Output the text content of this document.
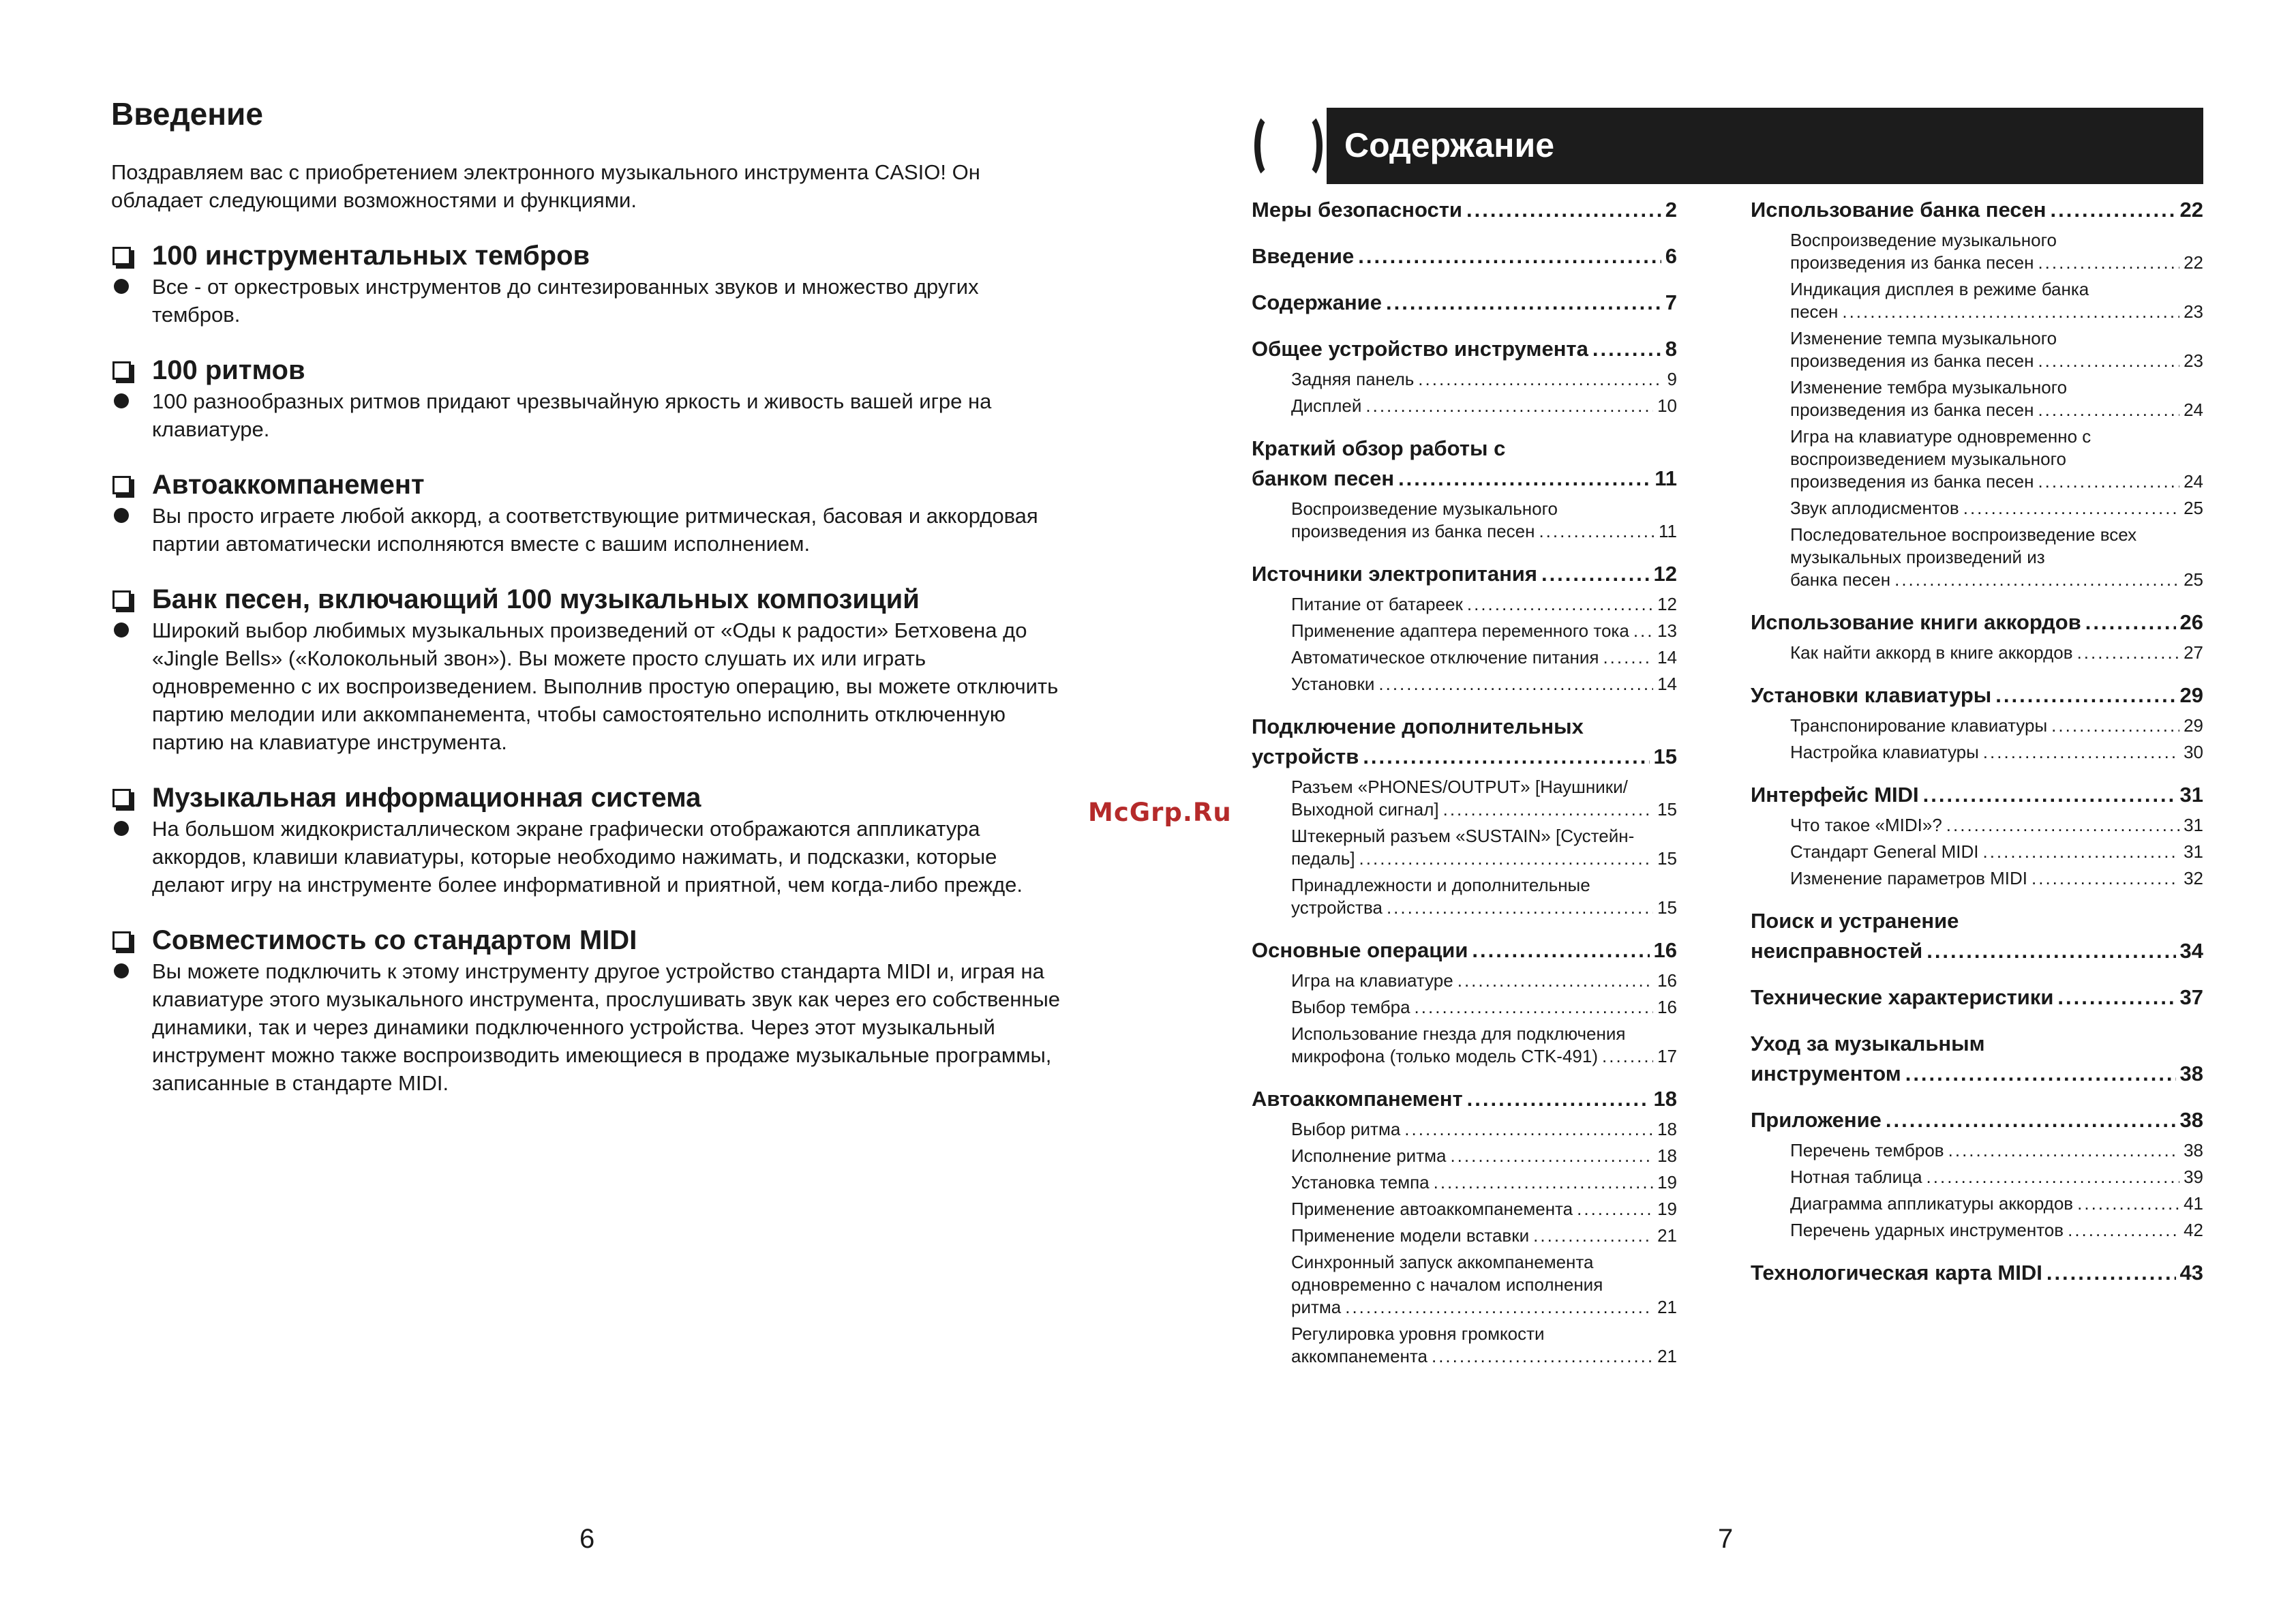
Введение
Поздравляем вас с приобретением электронного музыкального инструмента CASIO! Он обладает следующими возможностями и функциями.
100 инструментальных тембров
Все - от оркестровых инструментов до синтезированных звуков и множество других тембров.
100 ритмов
100 разнообразных ритмов придают чрезвычайную яркость и живость вашей игре на клавиатуре.
Автоаккомпанемент
Вы просто играете любой аккорд, а соответствующие ритмическая, басовая и аккордовая партии автоматически исполняются вместе с вашим исполнением.
Банк песен, включающий 100 музыкальных композиций
Широкий выбор любимых музыкальных произведений от «Оды к радости» Бетховена до «Jingle Bells» («Колокольный звон»). Вы можете просто слушать их или играть одновременно с их воспроизведением. Выполнив простую операцию, вы можете отключить партию мелодии или аккомпанемента, чтобы самостоятельно исполнить отключенную партию на клавиатуре инструмента.
Музыкальная информационная система
На большом жидкокристаллическом экране графически отображаются аппликатура аккордов, клавиши клавиатуры, которые необходимо нажимать, и подсказки, которые делают игру на инструменте более информативной и приятной, чем когда-либо прежде.
Совместимость со стандартом MIDI
Вы можете подключить к этому инструменту другое устройство стандарта MIDI и, играя на клавиатуре этого музыкального инструмента, прослушивать звук как через его собственные динамики, так и через динамики подключенного устройства. Через этот музыкальный инструмент можно также воспроизводить имеющиеся в продаже музыкальные программы, записанные в стандарте MIDI.
6
McGrp.Ru
7
Содержание
Меры безопасности .....	2
Введение .....	6
Содержание .....	7
Общее устройство инструмента .....	8
Задняя панель .....	9
Дисплей .....	10
Краткий обзор работы с
банком песен .....	11
Воспроизведение музыкального
произведения из банка песен .....	11
Источники электропитания .....	12
Питание от батареек .....	12
Применение адаптера переменного тока ..... 13
Автоматическое отключение питания .....	14
Установки .....	14
Подключение дополнительных
устройств .....	15
Разъем «PHONES/OUTPUT» [Наушники/
Выходной сигнал] .....	15
Штекерный разъем «SUSTAIN» [Сустейн-
педаль] .....	15
Принадлежности и дополнительные
устройства .....	15
Основные операции .....	16
Игра на клавиатуре .....	16
Выбор тембра .....	16
Использование гнезда для подключения
микрофона (только модель CTK-491) .....	17
Автоаккомпанемент .....	18
Выбор ритма .....	18
Исполнение ритма .....	18
Установка темпа .....	19
Применение автоаккомпанемента .....	19
Применение модели вставки .....	21
Синхронный запуск аккомпанемента одновременно с началом исполнения
ритма .....	21
Регулировка уровня громкости
аккомпанемента .....	21
Использование банка песен .....	22
Воспроизведение музыкального
произведения из банка песен .....	22
Индикация дисплея в режиме банка
песен .....	23
Изменение темпа музыкального
произведения из банка песен .....	23
Изменение тембра музыкального
произведения из банка песен .....	24
Игра на клавиатуре одновременно с воспроизведением музыкального
произведения из банка песен .....	24
Звук аплодисментов .....	25
Последовательное воспроизведение всех музыкальных произведений из
банка песен .....	25
Использование книги аккордов .....	26
Как найти аккорд в книге аккордов .....	27
Установки клавиатуры .....	29
Транспонирование клавиатуры .....	29
Настройка клавиатуры .....	30
Интерфейс MIDI .....	31
Что такое «MIDI»? .....	31
Стандарт General MIDI .....	31
Изменение параметров MIDI .....	32
Поиск и устранение
неисправностей .....	34
Технические характеристики .....	37
Уход за музыкальным
инструментом .....	38
Приложение .....	38
Перечень тембров .....	38
Нотная таблица .....	39
Диаграмма аппликатуры аккордов .....	41
Перечень ударных инструментов .....	42
Технологическая карта MIDI .....	43
